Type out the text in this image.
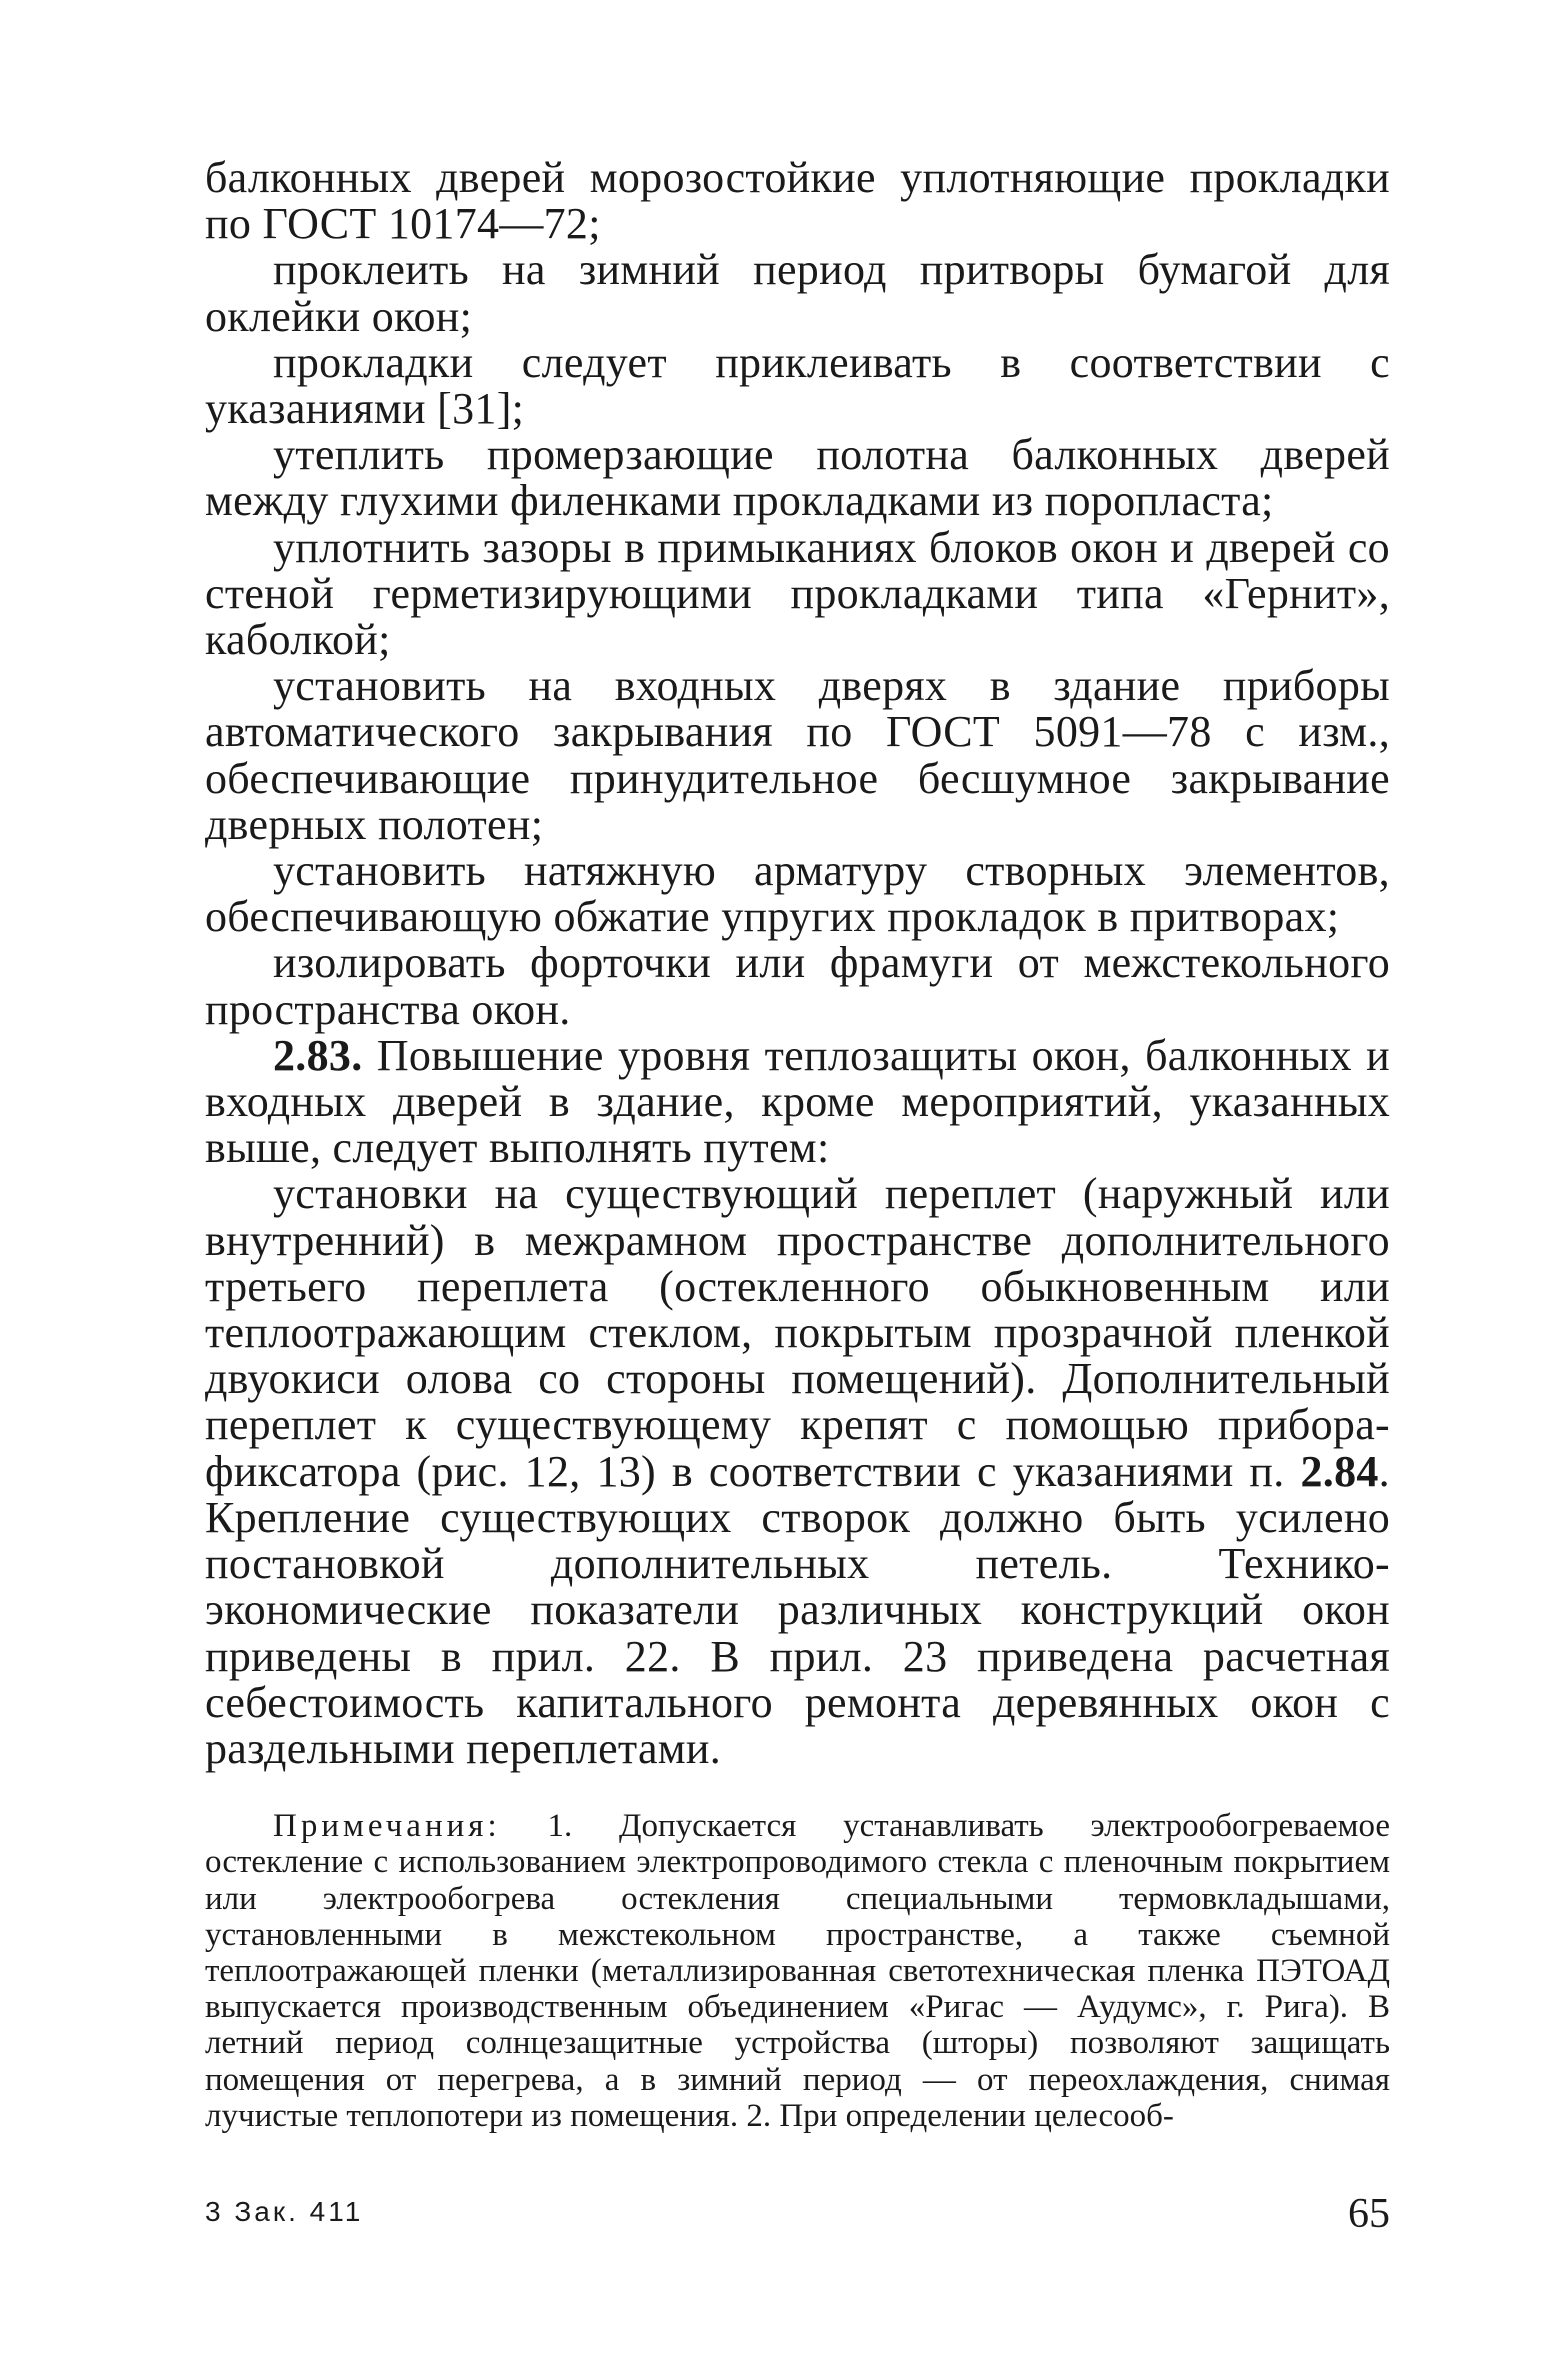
балконных дверей морозостойкие уплотняющие прокладки по ГОСТ 10174—72;

проклеить на зимний период притворы бумагой для оклейки окон;

прокладки следует приклеивать в соответствии с указаниями [31];

утеплить промерзающие полотна балконных дверей между глухими филенками прокладками из поропласта;

уплотнить зазоры в примыканиях блоков окон и дверей со стеной герметизирующими прокладками типа «Гернит», каболкой;

установить на входных дверях в здание приборы автоматического закрывания по ГОСТ 5091—78 с изм., обеспечивающие принудительное бесшумное закрывание дверных полотен;

установить натяжную арматуру створных элементов, обеспечивающую обжатие упругих прокладок в притворах;

изолировать форточки или фрамуги от межстекольного пространства окон.

2.83. Повышение уровня теплозащиты окон, балконных и входных дверей в здание, кроме мероприятий, указанных выше, следует выполнять путем:

установки на существующий переплет (наружный или внутренний) в межрамном пространстве дополнительного третьего переплета (остекленного обыкновенным или теплоотражающим стеклом, покрытым прозрачной пленкой двуокиси олова со стороны помещений). Дополнительный переплет к существующему крепят с помощью прибора-фиксатора (рис. 12, 13) в соответствии с указаниями п. 2.84. Крепление существующих створок должно быть усилено постановкой дополнительных петель. Технико-экономические показатели различных конструкций окон приведены в прил. 22. В прил. 23 приведена расчетная себестоимость капитального ремонта деревянных окон с раздельными переплетами.

Примечания: 1. Допускается устанавливать электрообогреваемое остекление с использованием электропроводимого стекла с пленочным покрытием или электрообогрева остекления специальными термовкладышами, установленными в межстекольном пространстве, а также съемной теплоотражающей пленки (металлизированная светотехническая пленка ПЭТОАД выпускается производственным объединением «Ригас — Аудумс», г. Рига). В летний период солнцезащитные устройства (шторы) позволяют защищать помещения от перегрева, а в зимний период — от переохлаждения, снимая лучистые теплопотери из помещения. 2. При определении целесооб-
3 Зак. 411	65
